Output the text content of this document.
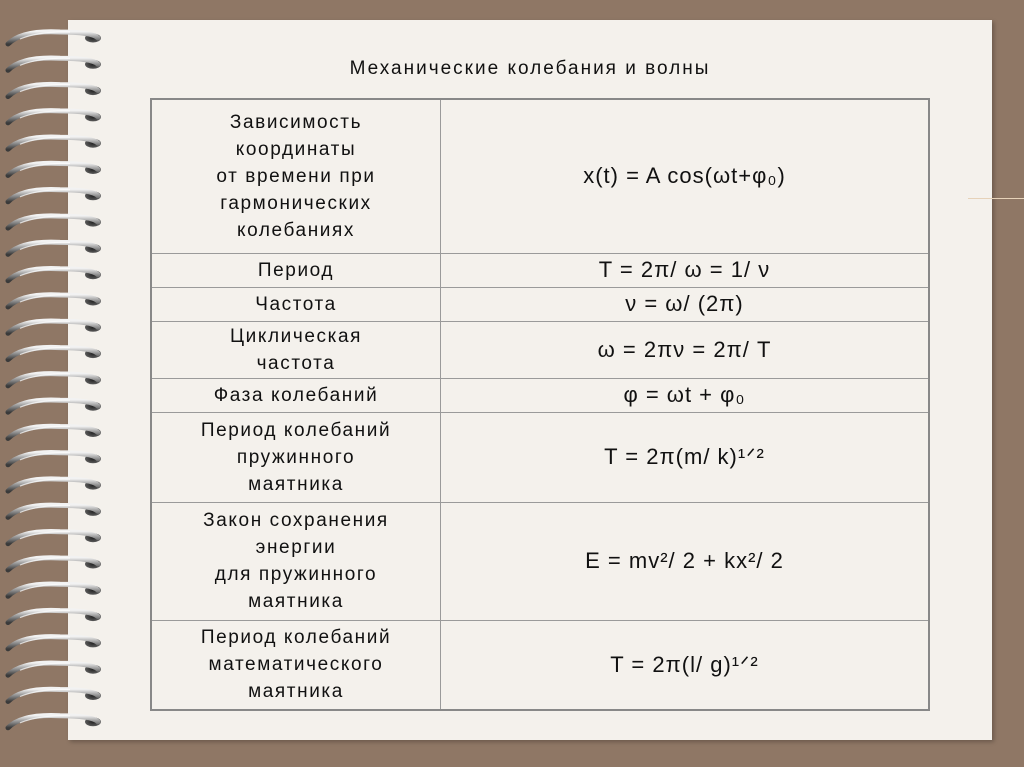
Механические колебания и волны
Зависимость
координаты
от времени при
гармонических
колебаниях	x(t) = A cos(ωt+φ₀)
Период	T = 2π/ ω = 1/ ν
Частота	ν = ω/ (2π)
Циклическая
частота	ω = 2πν = 2π/ T
Фаза колебаний	φ = ωt + φ₀
Период колебаний
пружинного
маятника	T = 2π(m/ k)¹ᐟ²
Закон сохранения
энергии
для пружинного
маятника	E = mv²/ 2 + kx²/ 2
Период колебаний
математического
маятника	T = 2π(l/ g)¹ᐟ²
